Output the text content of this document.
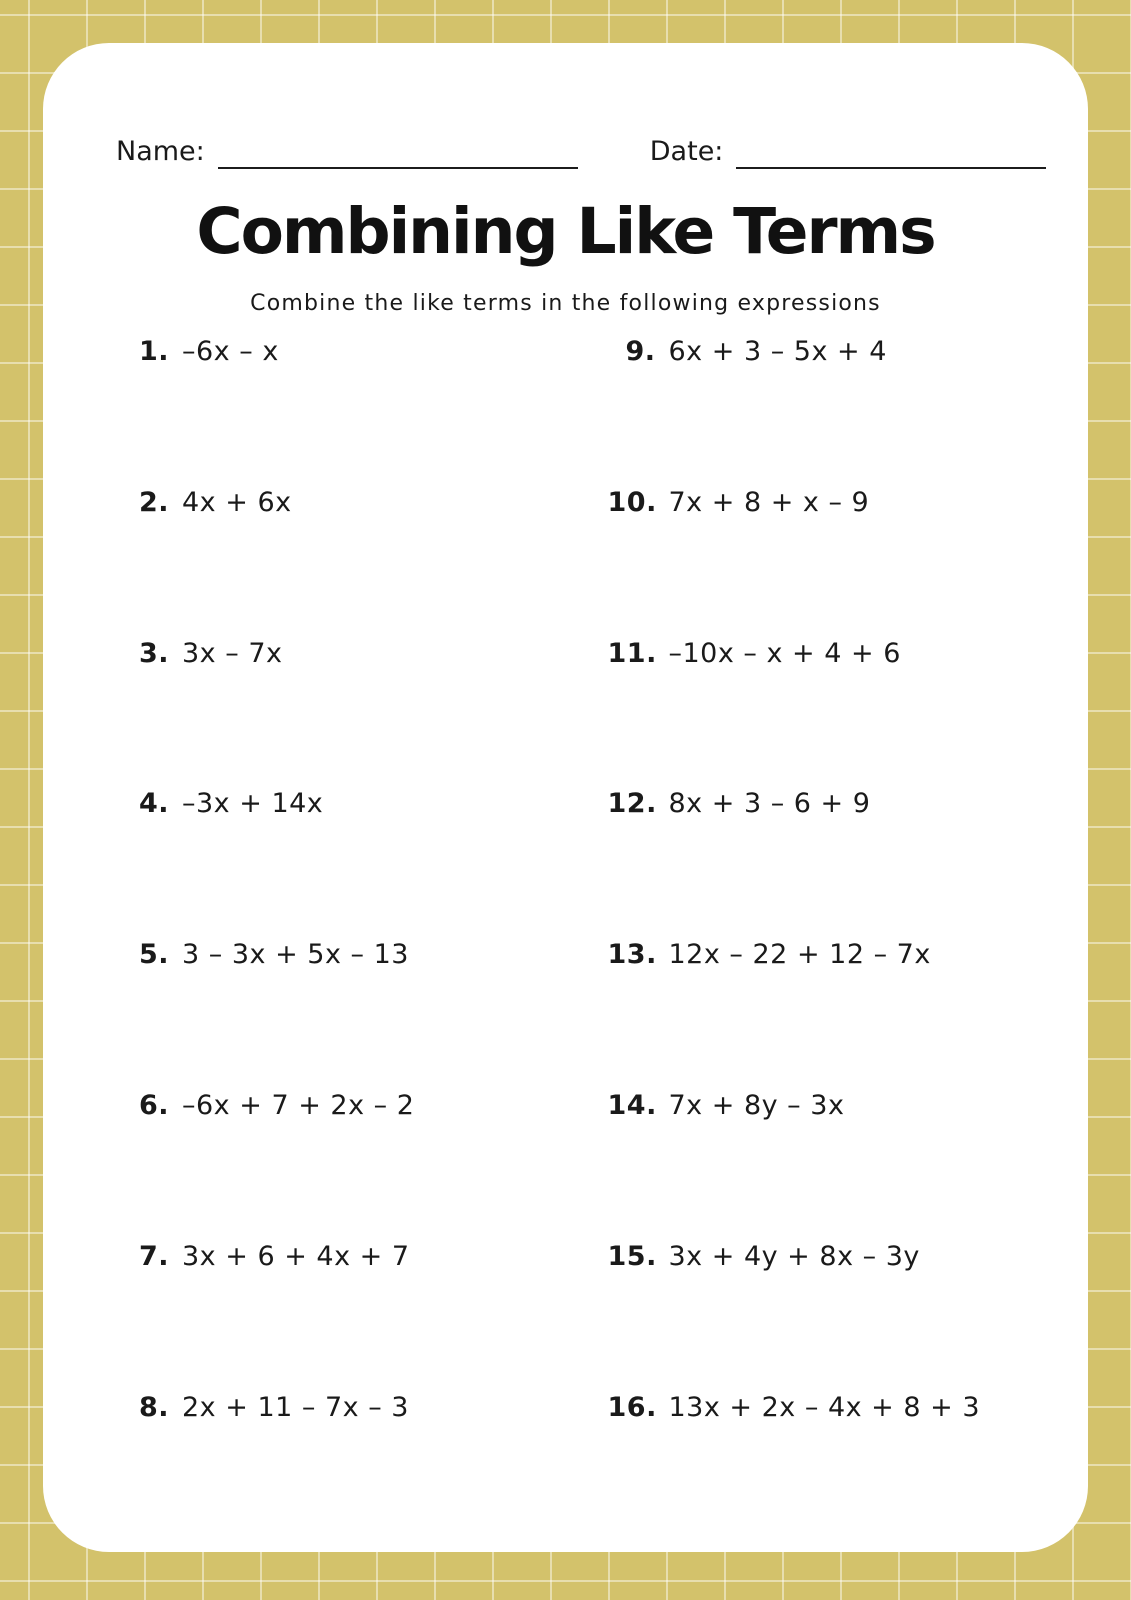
Name:	Date:
Combining Like Terms
Combine the like terms in the following expressions
1. –6x – x
2. 4x + 6x
3. 3x – 7x
4. –3x + 14x
5. 3 – 3x + 5x – 13
6. –6x + 7 + 2x – 2
7. 3x + 6 + 4x + 7
8. 2x + 11 – 7x – 3
9. 6x + 3 – 5x + 4
10. 7x + 8 + x – 9
11. –10x – x + 4 + 6
12. 8x + 3 – 6 + 9
13. 12x – 22 + 12 – 7x
14. 7x + 8y – 3x
15. 3x + 4y + 8x – 3y
16. 13x + 2x – 4x + 8 + 3
